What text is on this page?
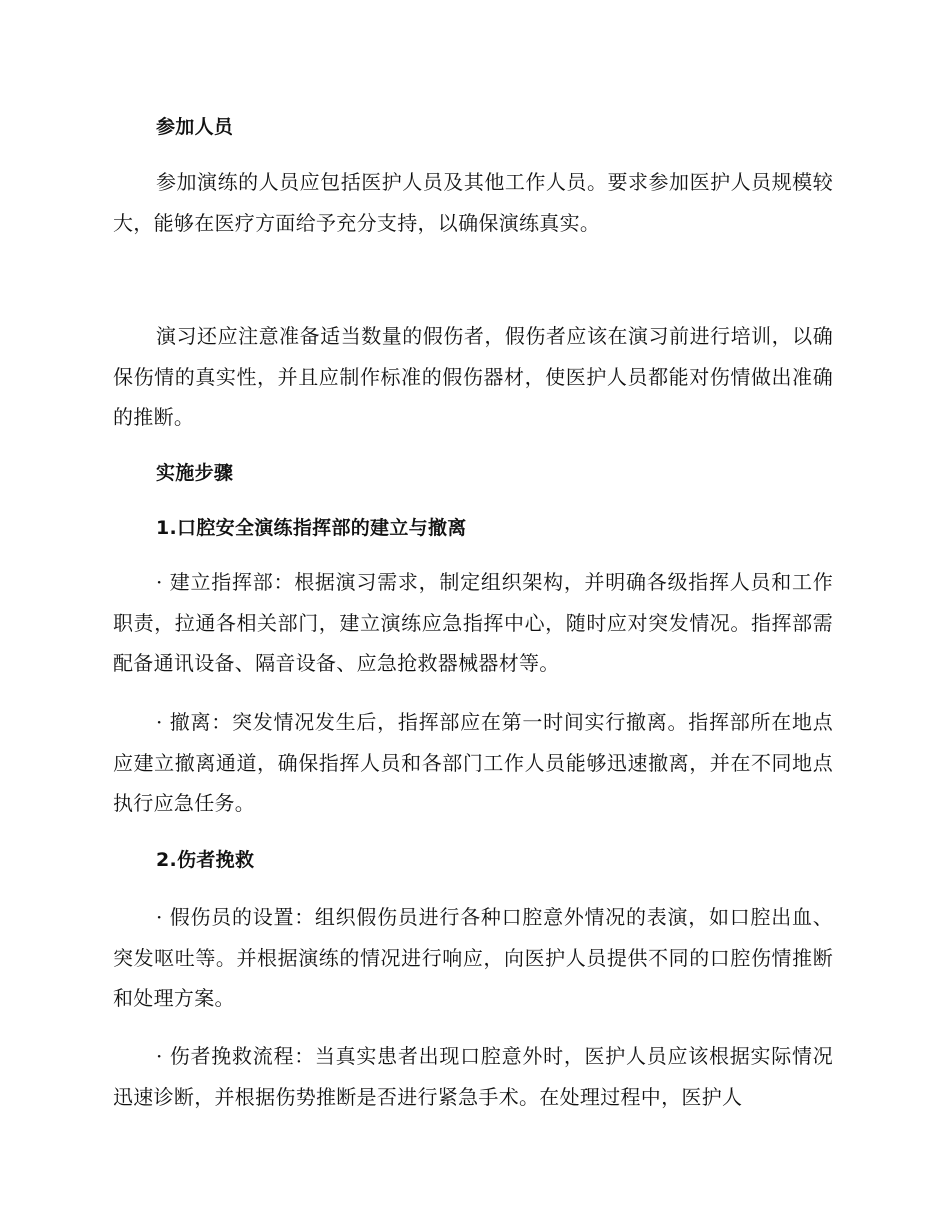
参加人员

参加演练的人员应包括医护人员及其他工作人员。要求参加医护人员规模较大，能够在医疗方面给予充分支持，以确保演练真实。

演习还应注意准备适当数量的假伤者，假伤者应该在演习前进行培训，以确保伤情的真实性，并且应制作标准的假伤器材，使医护人员都能对伤情做出准确的推断。

实施步骤

1.口腔安全演练指挥部的建立与撤离

· 建立指挥部：根据演习需求，制定组织架构，并明确各级指挥人员和工作职责，拉通各相关部门，建立演练应急指挥中心，随时应对突发情况。指挥部需配备通讯设备、隔音设备、应急抢救器械器材等。

· 撤离：突发情况发生后，指挥部应在第一时间实行撤离。指挥部所在地点应建立撤离通道，确保指挥人员和各部门工作人员能够迅速撤离，并在不同地点执行应急任务。

2.伤者挽救

· 假伤员的设置：组织假伤员进行各种口腔意外情况的表演，如口腔出血、突发呕吐等。并根据演练的情况进行响应，向医护人员提供不同的口腔伤情推断和处理方案。

· 伤者挽救流程：当真实患者出现口腔意外时，医护人员应该根据实际情况迅速诊断，并根据伤势推断是否进行紧急手术。在处理过程中，医护人
